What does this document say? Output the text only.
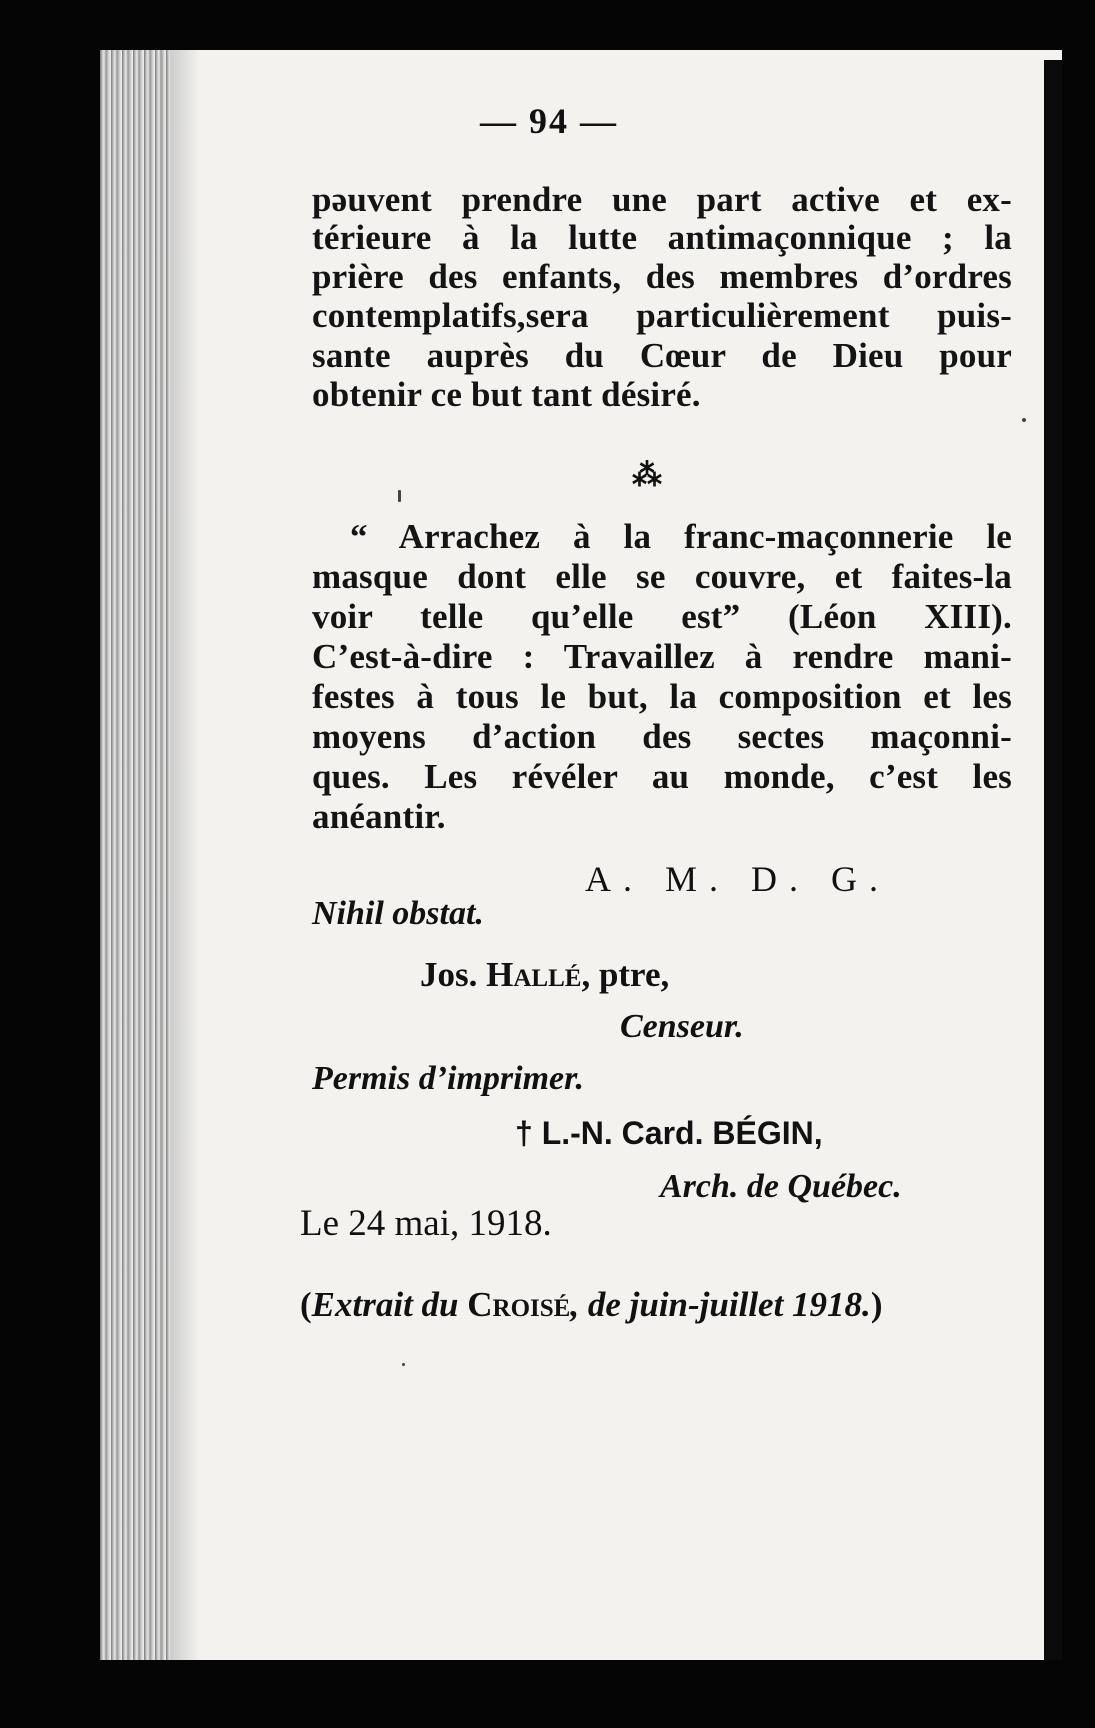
— 94 —
pəuvent prendre une part active et ex-
térieure à la lutte antimaçonnique ; la
prière des enfants, des membres d’ordres
contemplatifs,sera particulièrement puis-
sante auprès du Cœur de Dieu pour
obtenir ce but tant désiré.
⁂
“ Arrachez à la franc-maçonnerie le
masque dont elle se couvre, et faites-la
voir telle qu’elle est” (Léon XIII).
C’est-à-dire : Travaillez à rendre mani-
festes à tous le but, la composition et les
moyens d’action des sectes maçonni-
ques. Les révéler au monde, c’est les
anéantir.
A. M. D. G.
Nihil obstat.
Jos. Hallé, ptre,
Censeur.
Permis d’imprimer.
† L.-N. Card. BÉGIN,
Arch. de Québec.
Le 24 mai, 1918.
(Extrait du Croisé, de juin-juillet 1918.)
